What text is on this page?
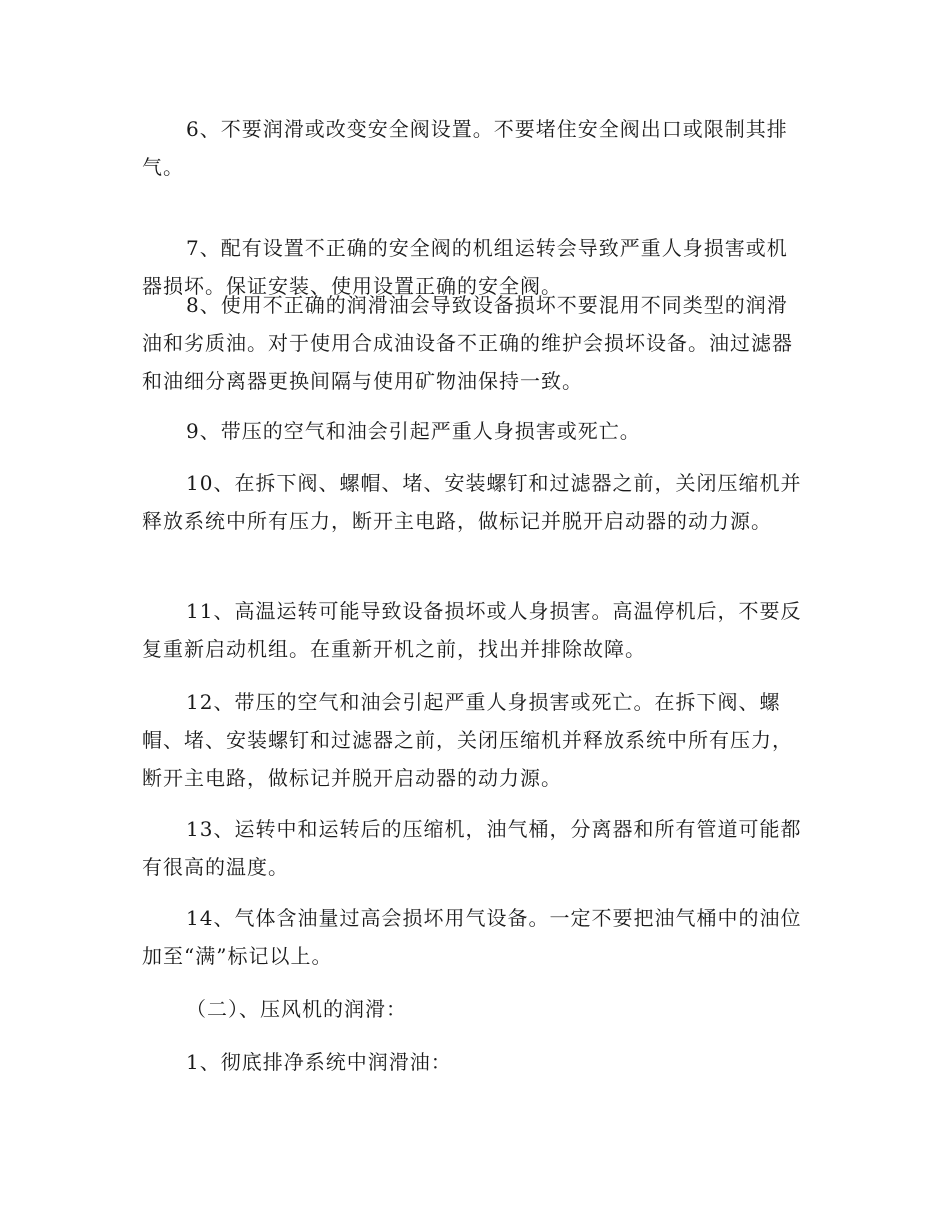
6、不要润滑或改变安全阀设置。不要堵住安全阀出口或限制其排气。

7、配有设置不正确的安全阀的机组运转会导致严重人身损害或机器损坏。保证安装、使用设置正确的安全阀。

8、使用不正确的润滑油会导致设备损坏不要混用不同类型的润滑油和劣质油。对于使用合成油设备不正确的维护会损坏设备。油过滤器和油细分离器更换间隔与使用矿物油保持一致。

9、带压的空气和油会引起严重人身损害或死亡。

10、在拆下阀、螺帽、堵、安装螺钉和过滤器之前，关闭压缩机并释放系统中所有压力，断开主电路，做标记并脱开启动器的动力源。

11、高温运转可能导致设备损坏或人身损害。高温停机后，不要反复重新启动机组。在重新开机之前，找出并排除故障。

12、带压的空气和油会引起严重人身损害或死亡。在拆下阀、螺帽、堵、安装螺钉和过滤器之前，关闭压缩机并释放系统中所有压力，断开主电路，做标记并脱开启动器的动力源。

13、运转中和运转后的压缩机，油气桶，分离器和所有管道可能都有很高的温度。

14、气体含油量过高会损坏用气设备。一定不要把油气桶中的油位加至“满”标记以上。

（二）、压风机的润滑：

1、彻底排净系统中润滑油：
